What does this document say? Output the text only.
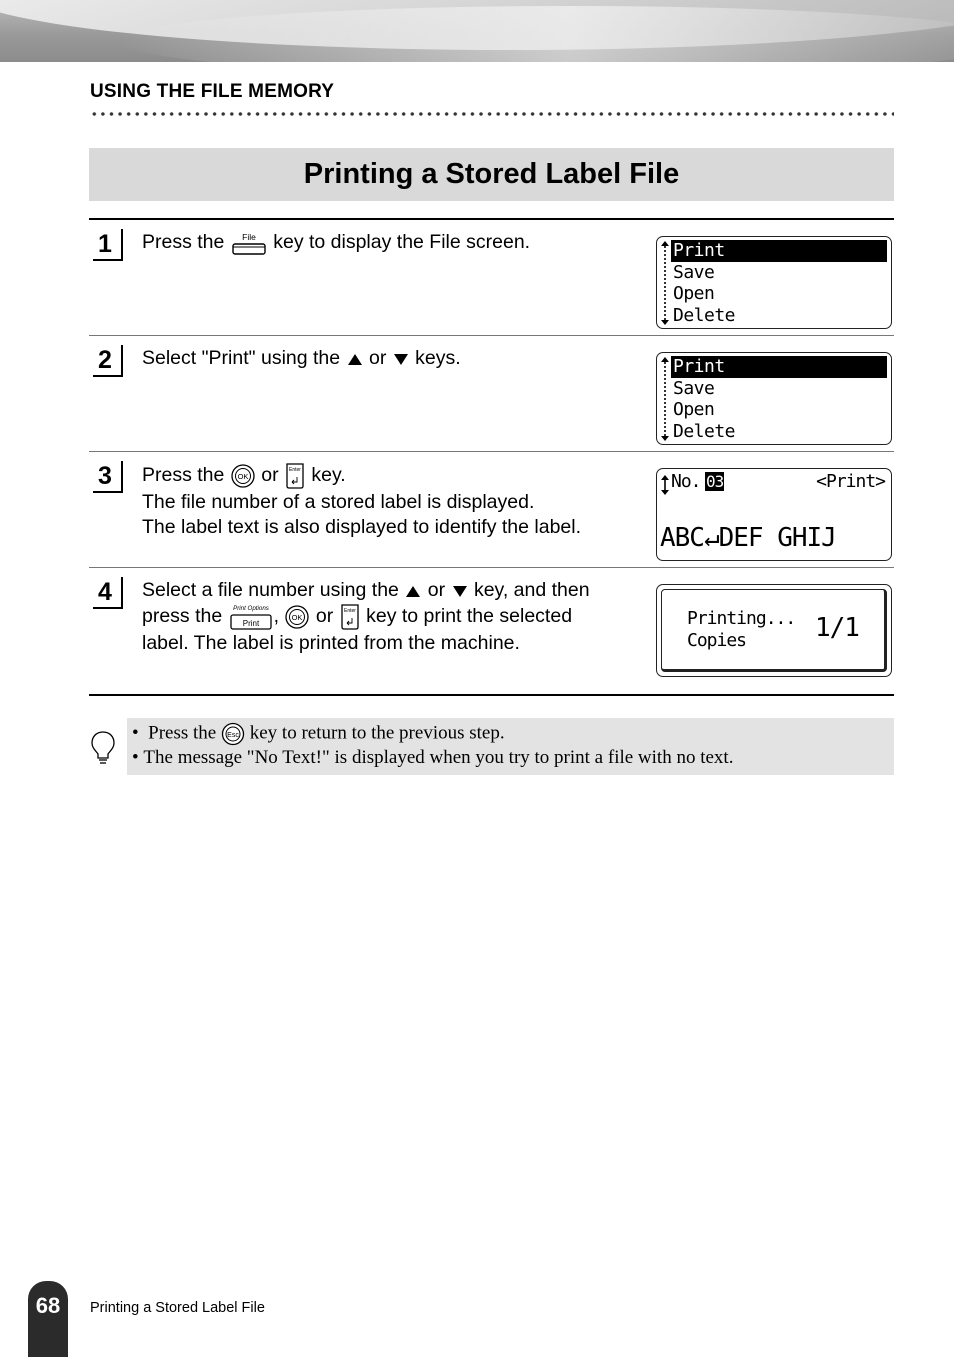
USING THE FILE MEMORY
Printing a Stored Label File
1	Press the File key to display the File screen.	Print
Save
Open
Delete
2	Select "Print" using the or keys.	Print
Save
Open
Delete
3	Press the OK or Enter key.
The file number of a stored label is displayed.
The label text is also displayed to identify the label.
No. 03	<Print>
ABC↵DEF GHIJ
4	Select a file number using the or key, and then
press the Print Options
Print , OK or Enter key to print the selected
label. The label is printed from the machine.
Printing...
Copies	1/1
•  Press the Esc key to return to the previous step.
• The message "No Text!" is displayed when you try to print a file with no text.
68	Printing a Stored Label File
